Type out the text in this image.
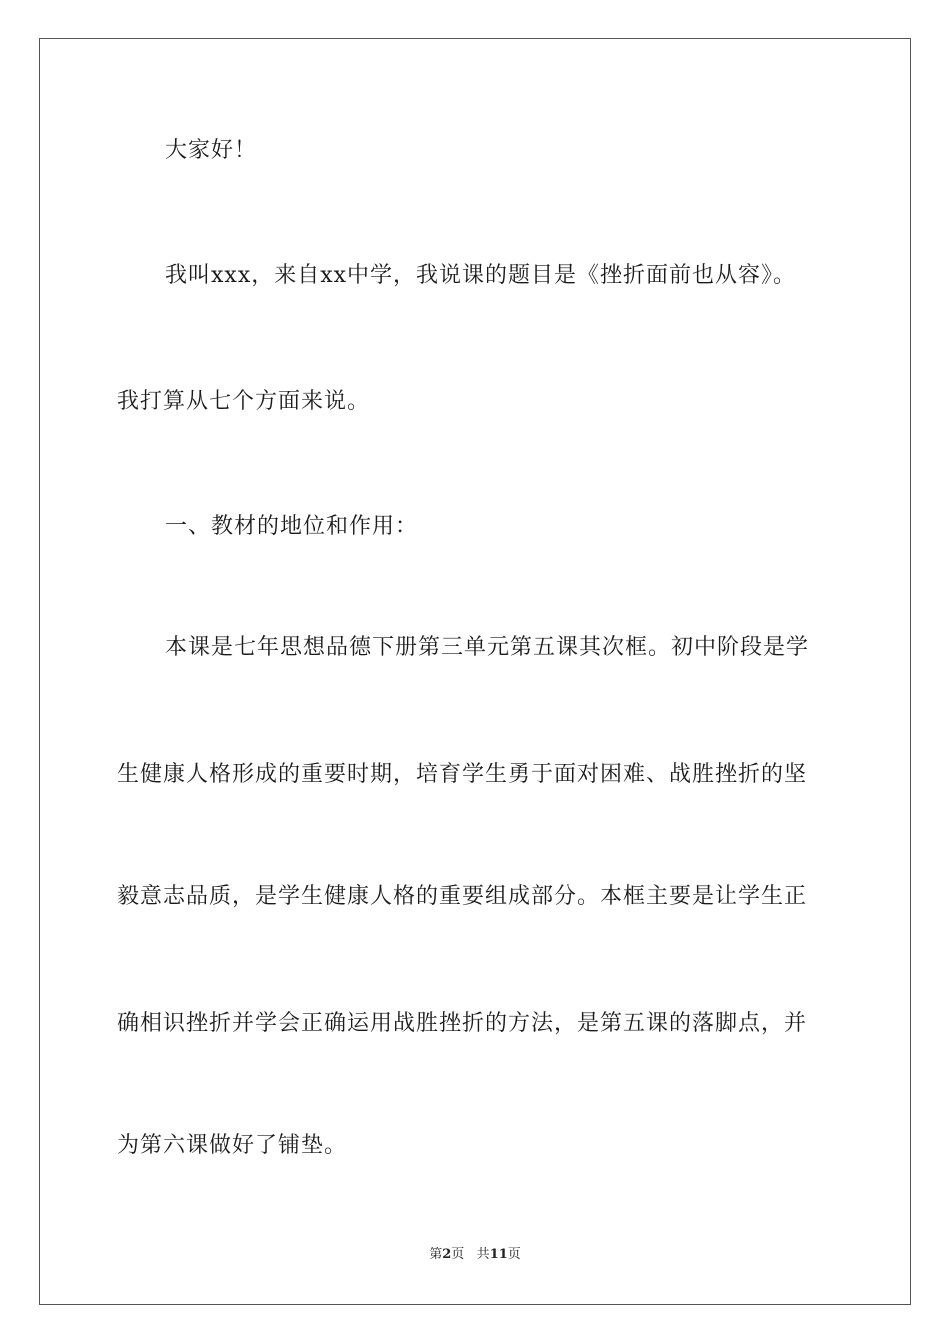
大家好！
我叫xxx，来自xx中学，我说课的题目是《挫折面前也从容》。
我打算从七个方面来说。
一、教材的地位和作用：
本课是七年思想品德下册第三单元第五课其次框。初中阶段是学
生健康人格形成的重要时期，培育学生勇于面对困难、战胜挫折的坚
毅意志品质，是学生健康人格的重要组成部分。本框主要是让学生正
确相识挫折并学会正确运用战胜挫折的方法，是第五课的落脚点，并
为第六课做好了铺垫。
第2页 共11页
